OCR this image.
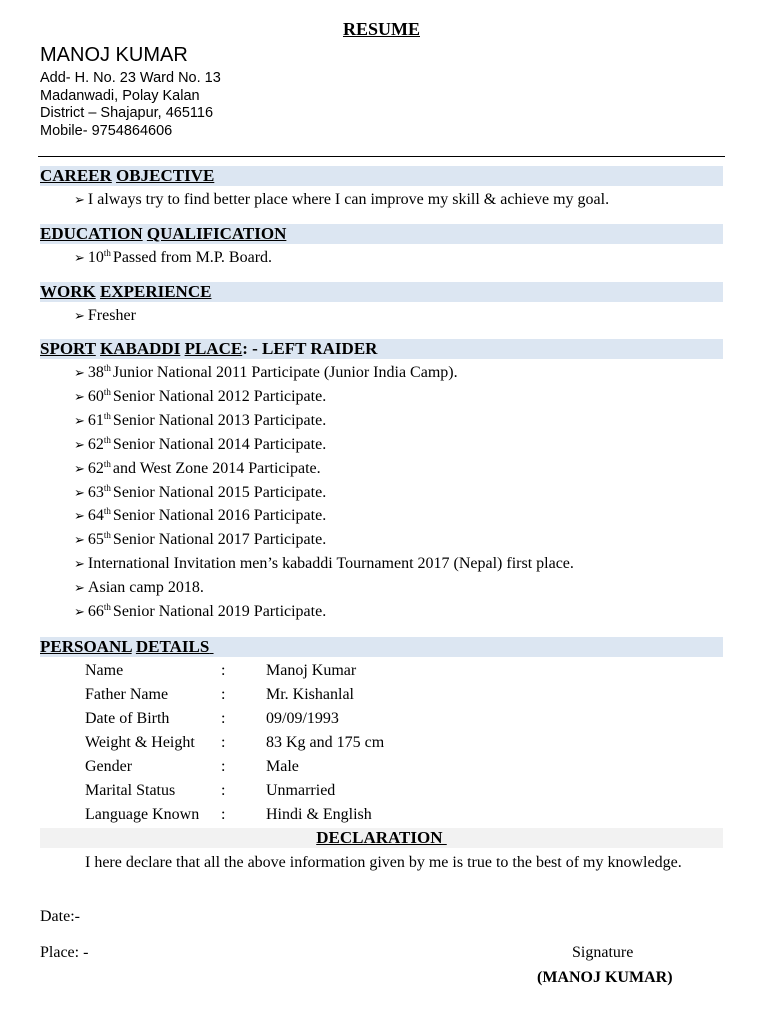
RESUME
MANOJ KUMAR
Add- H. No. 23 Ward No. 13
Madanwadi, Polay Kalan
District – Shajapur, 465116
Mobile- 9754864606
CAREER OBJECTIVE
➢ I always try to find better place where I can improve my skill & achieve my goal.
EDUCATION QUALIFICATION
➢ 10th Passed from M.P. Board.
WORK EXPERIENCE
➢ Fresher
SPORT KABADDI PLACE: - LEFT RAIDER
➢ 38th Junior National 2011 Participate (Junior India Camp).
➢ 60th Senior National 2012 Participate.
➢ 61th Senior National 2013 Participate.
➢ 62th Senior National 2014 Participate.
➢ 62th and West Zone 2014 Participate.
➢ 63th Senior National 2015 Participate.
➢ 64th Senior National 2016 Participate.
➢ 65th Senior National 2017 Participate.
➢ International Invitation men’s kabaddi Tournament 2017 (Nepal) first place.
➢ Asian camp 2018.
➢ 66th Senior National 2019 Participate.
PERSOANL DETAILS
Name	:	Manoj Kumar
Father Name	:	Mr. Kishanlal
Date of Birth	:	09/09/1993
Weight & Height :	83 Kg and 175 cm
Gender	:	Male
Marital Status	:	Unmarried
Language Known :	Hindi & English
DECLARATION
I here declare that all the above information given by me is true to the best of my knowledge.
Date:-
Place: -	Signature
(MANOJ KUMAR)
